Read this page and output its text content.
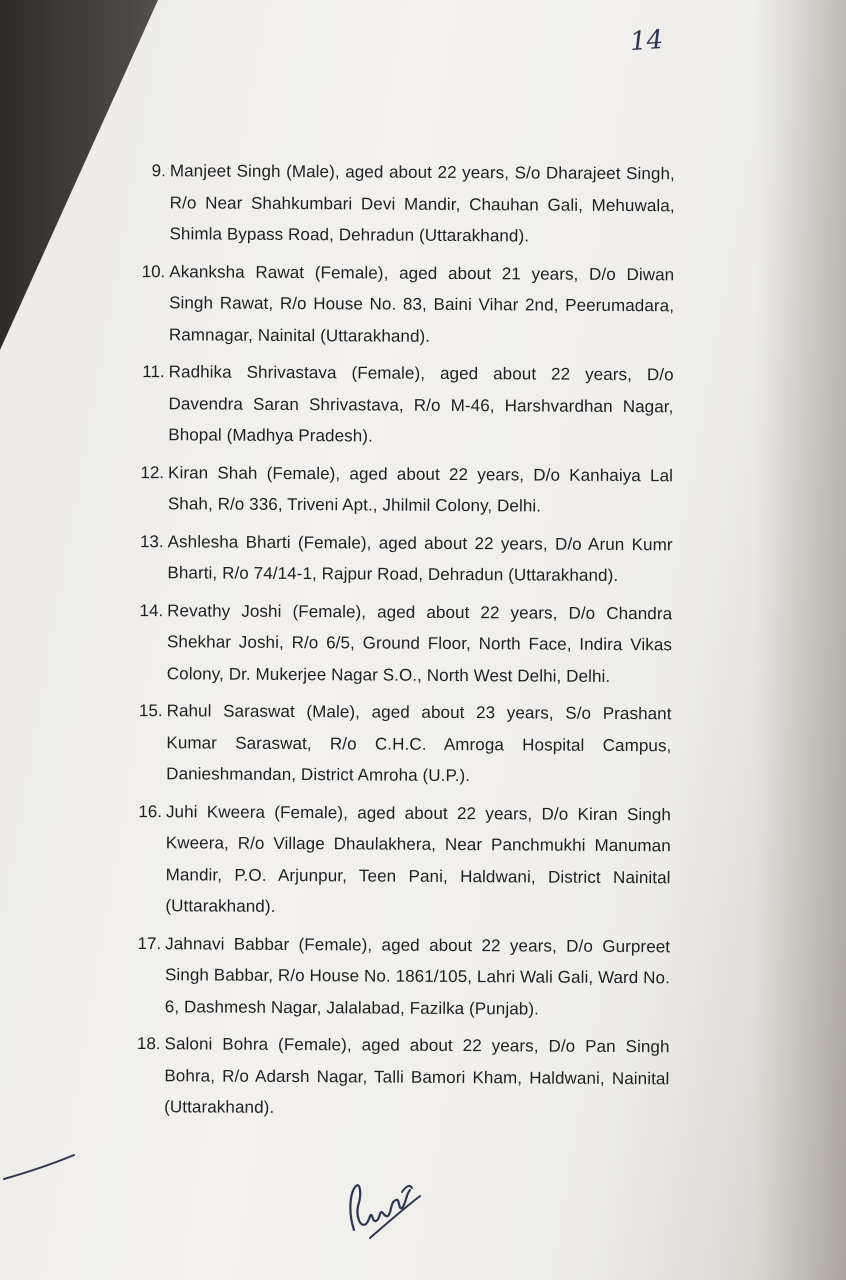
14
9. Manjeet Singh (Male), aged about 22 years, S/o Dharajeet Singh, R/o Near Shahkumbari Devi Mandir, Chauhan Gali, Mehuwala, Shimla Bypass Road, Dehradun (Uttarakhand).
10. Akanksha Rawat (Female), aged about 21 years, D/o Diwan Singh Rawat, R/o House No. 83, Baini Vihar 2nd, Peerumadara, Ramnagar, Nainital (Uttarakhand).
11. Radhika Shrivastava (Female), aged about 22 years, D/o Davendra Saran Shrivastava, R/o M-46, Harshvardhan Nagar, Bhopal (Madhya Pradesh).
12. Kiran Shah (Female), aged about 22 years, D/o Kanhaiya Lal Shah, R/o 336, Triveni Apt., Jhilmil Colony, Delhi.
13. Ashlesha Bharti (Female), aged about 22 years, D/o Arun Kumr Bharti, R/o 74/14-1, Rajpur Road, Dehradun (Uttarakhand).
14. Revathy Joshi (Female), aged about 22 years, D/o Chandra Shekhar Joshi, R/o 6/5, Ground Floor, North Face, Indira Vikas Colony, Dr. Mukerjee Nagar S.O., North West Delhi, Delhi.
15. Rahul Saraswat (Male), aged about 23 years, S/o Prashant Kumar Saraswat, R/o C.H.C. Amroga Hospital Campus, Danieshmandan, District Amroha (U.P.).
16. Juhi Kweera (Female), aged about 22 years, D/o Kiran Singh Kweera, R/o Village Dhaulakhera, Near Panchmukhi Manuman Mandir, P.O. Arjunpur, Teen Pani, Haldwani, District Nainital (Uttarakhand).
17. Jahnavi Babbar (Female), aged about 22 years, D/o Gurpreet Singh Babbar, R/o House No. 1861/105, Lahri Wali Gali, Ward No. 6, Dashmesh Nagar, Jalalabad, Fazilka (Punjab).
18. Saloni Bohra (Female), aged about 22 years, D/o Pan Singh Bohra, R/o Adarsh Nagar, Talli Bamori Kham, Haldwani, Nainital (Uttarakhand).
